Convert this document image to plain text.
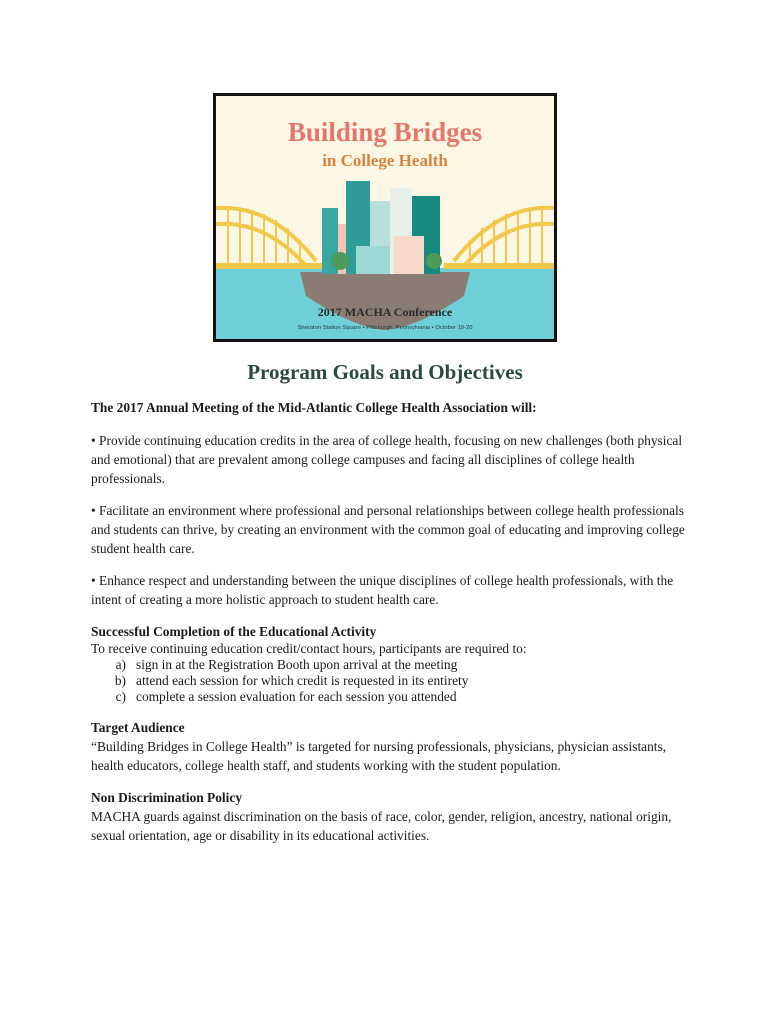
Building Bridges
in College Health
2017 MACHA Conference
Sheraton Station Square • Pittsburgh, Pennsylvania • October 19-20
Program Goals and Objectives

The 2017 Annual Meeting of the Mid-Atlantic College Health Association will:

• Provide continuing education credits in the area of college health, focusing on new challenges (both physical and emotional) that are prevalent among college campuses and facing all disciplines of college health professionals.

• Facilitate an environment where professional and personal relationships between college health professionals and students can thrive, by creating an environment with the common goal of educating and improving college student health care.

• Enhance respect and understanding between the unique disciplines of college health professionals, with the intent of creating a more holistic approach to student health care.

Successful Completion of the Educational Activity

To receive continuing education credit/contact hours, participants are required to:

a) sign in at the Registration Booth upon arrival at the meeting
b) attend each session for which credit is requested in its entirety
c) complete a session evaluation for each session you attended

Target Audience

“Building Bridges in College Health” is targeted for nursing professionals, physicians, physician assistants, health educators, college health staff, and students working with the student population.

Non Discrimination Policy

MACHA guards against discrimination on the basis of race, color, gender, religion, ancestry, national origin, sexual orientation, age or disability in its educational activities.
